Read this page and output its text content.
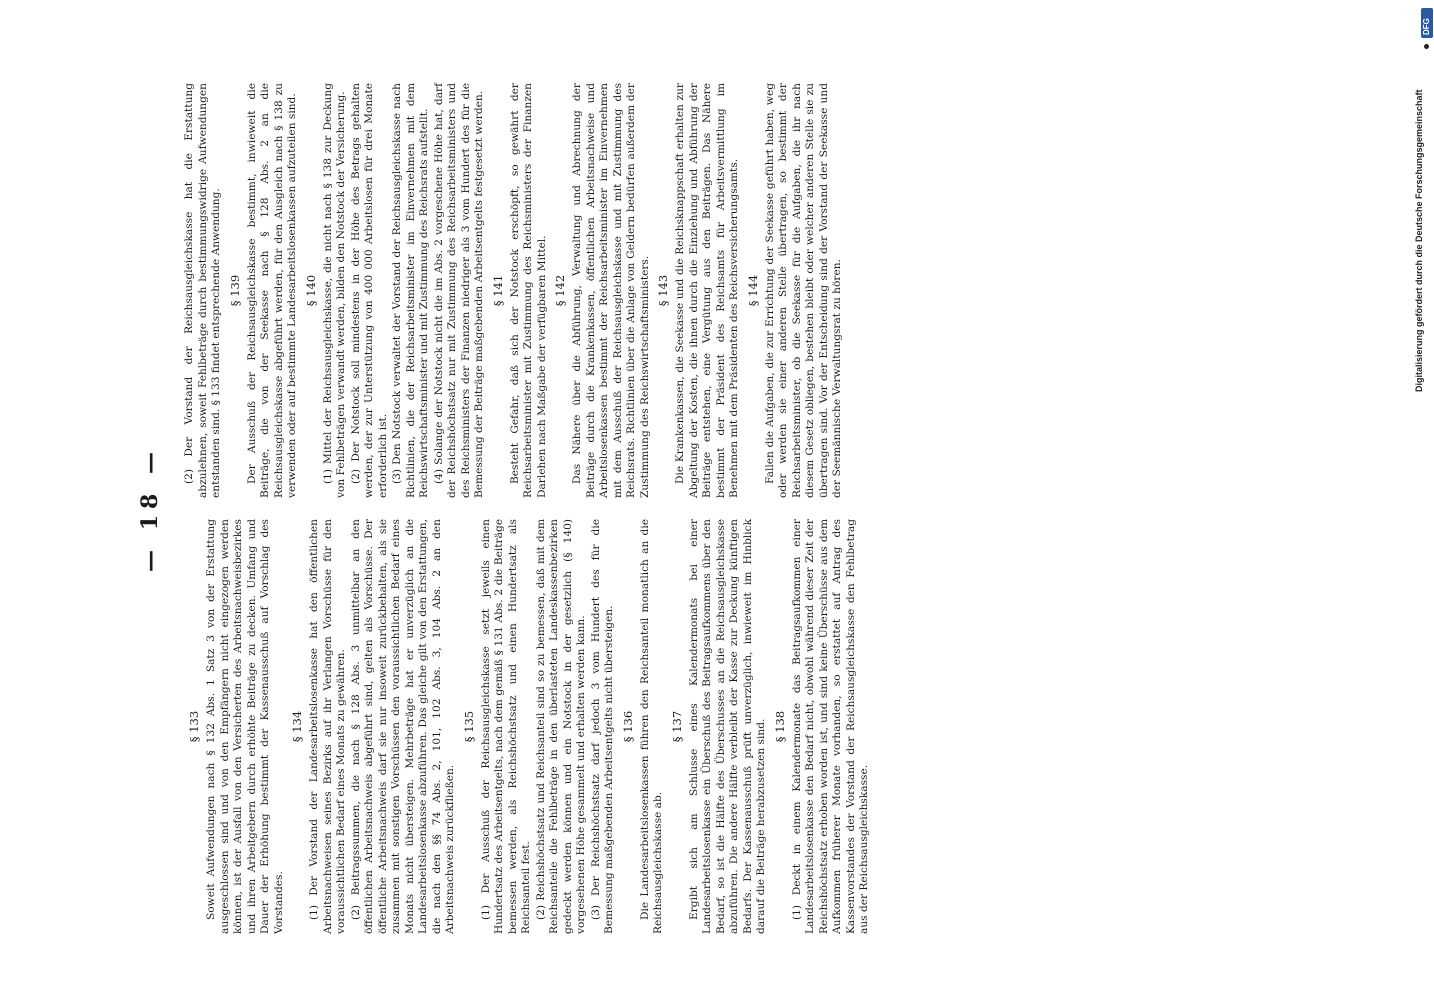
— 18 —
§ 133 Soweit Aufwendungen nach § 132 Abs. 1 Satz 3 von der Erstattung ausgeschlossen sind und von den Empfängern nicht eingezogen werden können, ist der Ausfall von den Versicherten des Arbeitsnachweisbezirkes und ihren Arbeitgebern durch erhöhte Beiträge zu decken. Umfang und Dauer der Erhöhung bestimmt der Kassenausschuß auf Vorschlag des Vorstandes.

§ 134 (1) Der Vorstand der Landesarbeitslosenkasse hat den öffentlichen Arbeitsnachweisen seines Bezirks auf ihr Verlangen Vorschüsse für den voraussichtlichen Bedarf eines Monats zu gewähren. (2) Beitragssummen, die nach § 128 Abs. 3 unmittelbar an den öffentlichen Arbeitsnachweis abgeführt sind, gelten als Vorschüsse. Der öffentliche Arbeitsnachweis darf sie nur insoweit zurückbehalten, als sie zusammen mit sonstigen Vorschüssen den voraussichtlichen Bedarf eines Monats nicht übersteigen. Mehrbeträge hat er unverzüglich an die Landesarbeitslosenkasse abzuführen. Das gleiche gilt von den Erstattungen, die nach den §§ 74 Abs. 2, 101, 102 Abs. 3, 104 Abs. 2 an den Arbeitsnachweis zurückfließen.

§ 135 (1) Der Ausschuß der Reichsausgleichskasse setzt jeweils einen Hundertsatz des Arbeitsentgelts, nach dem gemäß § 131 Abs. 2 die Beiträge bemessen werden, als Reichshöchstsatz und einen Hundertsatz als Reichsanteil fest. (2) Reichshöchstsatz und Reichsanteil sind so zu bemessen, daß mit dem Reichsanteile die Fehlbeträge in den überlasteten Landeskassenbezirken gedeckt werden können und ein Notstock in der gesetzlich (§ 140) vorgesehenen Höhe gesammelt und erhalten werden kann. (3) Der Reichshöchstsatz darf jedoch 3 vom Hundert des für die Bemessung maßgebenden Arbeitsentgelts nicht übersteigen. § 136 Die Landesarbeitslosenkassen führen den Reichsanteil monatlich an die Reichsausgleichskasse ab.

§ 137 Ergibt sich am Schlusse eines Kalendermonats bei einer Landesarbeitslosenkasse ein Überschuß des Beitragsaufkommens über den Bedarf, so ist die Hälfte des Überschusses an die Reichsausgleichskasse abzuführen. Die andere Hälfte verbleibt der Kasse zur Deckung künftigen Bedarfs. Der Kassenausschuß prüft unverzüglich, inwieweit im Hinblick darauf die Beiträge herabzusetzen sind. § 138 (1) Deckt in einem Kalendermonate das Beitragsaufkommen einer Landesarbeitslosenkasse den Bedarf nicht, obwohl während dieser Zeit der Reichshöchstsatz erhoben worden ist, und sind keine Überschüsse aus dem Aufkommen früherer Monate vorhanden, so erstattet auf Antrag des Kassenvorstandes der Vorstand der Reichsausgleichskasse den Fehlbetrag aus der Reichsausgleichskasse.

(2) Der Vorstand der Reichsausgleichskasse hat die Erstattung abzulehnen, soweit Fehlbeträge durch bestimmungswidrige Aufwendungen entstanden sind. § 133 findet entsprechende Anwendung. § 139 Der Ausschuß der Reichsausgleichskasse bestimmt, inwieweit die Beiträge, die von der Seekasse nach § 128 Abs. 2 an die Reichsausgleichskasse abgeführt werden, für den Ausgleich nach § 138 zu verwenden oder auf bestimmte Landesarbeitslosenkassen aufzuteilen sind. § 140 (1) Mittel der Reichsausgleichskasse, die nicht nach § 138 zur Deckung von Fehlbeträgen verwandt werden, bilden den Notstock der Versicherung. (2) Der Notstock soll mindestens in der Höhe des Betrags gehalten werden, der zur Unterstützung von 400 000 Arbeitslosen für drei Monate erforderlich ist. (3) Den Notstock verwaltet der Vorstand der Reichsausgleichskasse nach Richtlinien, die der Reichsarbeitsminister im Einvernehmen mit dem Reichswirtschaftsminister und mit Zustimmung des Reichsrats aufstellt. (4) Solange der Notstock nicht die im Abs. 2 vorgeschene Höhe hat, darf der Reichshöchstsatz nur mit Zustimmung des Reichsarbeitsministers und des Reichsministers der Finanzen niedriger als 3 vom Hundert des für die Bemessung der Beiträge maßgebenden Arbeitsentgelts festgesetzt werden. § 141 Besteht Gefahr, daß sich der Notstock erschöpft, so gewährt der Reichsarbeitsminister mit Zustimmung des Reichsministers der Finanzen Darlehen nach Maßgabe der verfügbaren Mittel. § 142 Das Nähere über die Abführung, Verwaltung und Abrechnung der Beiträge durch die Krankenkassen, öffentlichen Arbeitsnachweise und Arbeitslosenkassen bestimmt der Reichsarbeitsminister im Einvernehmen mit dem Ausschuß der Reichsausgleichskasse und mit Zustimmung des Reichsrats. Richtlinien über die Anlage von Geldern bedürfen außerdem der Zustimmung des Reichswirtschaftsministers. § 143 Die Krankenkassen, die Seekasse und die Reichsknappschaft erhalten zur Abgeltung der Kosten, die ihnen durch die Einziehung und Abführung der Beiträge entstehen, eine Vergütung aus den Beiträgen. Das Nähere bestimmt der Präsident des Reichsamts für Arbeitsvermittlung im Benehmen mit dem Präsidenten des Reichsversicherungsamts. § 144 Fallen die Aufgaben, die zur Errichtung der Seekasse geführt haben, weg oder werden sie einer anderen Stelle übertragen, so bestimmt der Reichsarbeitsminister, ob die Seekasse für die Aufgaben, die ihr nach diesem Gesetz obliegen, bestehen bleibt oder welcher anderen Stelle sie zu übertragen sind. Vor der Entscheidung sind der Vorstand der Seekasse und der Seemännische Verwaltungsrat zu hören.	Digitalisierung gefördert durch die Deutsche Forschungsgemeinschaft
DFG
